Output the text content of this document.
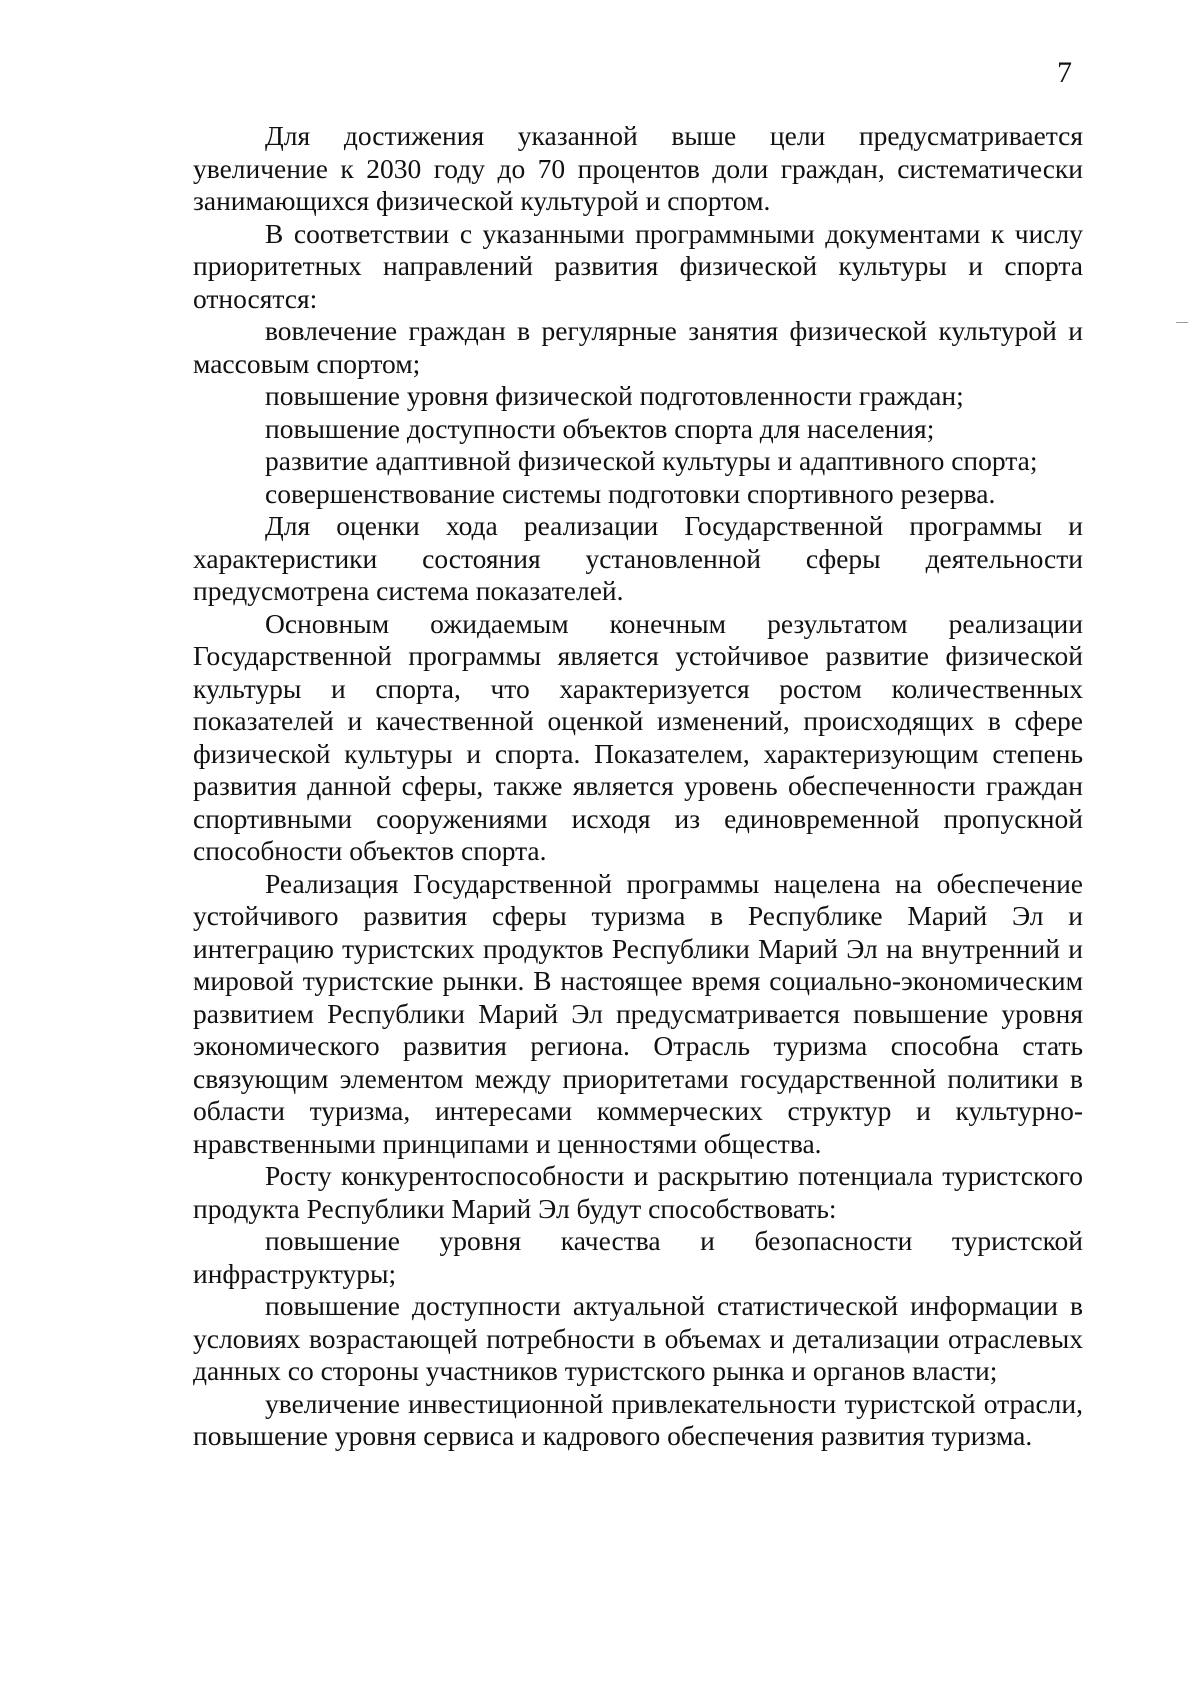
7

Для достижения указанной выше цели предусматривается увеличение к 2030 году до 70 процентов доли граждан, систематически занимающихся физической культурой и спортом.

В соответствии с указанными программными документами к числу приоритетных направлений развития физической культуры и спорта относятся:

вовлечение граждан в регулярные занятия физической культурой и массовым спортом;

повышение уровня физической подготовленности граждан;

повышение доступности объектов спорта для населения;

развитие адаптивной физической культуры и адаптивного спорта;

совершенствование системы подготовки спортивного резерва.

Для оценки хода реализации Государственной программы и характеристики состояния установленной сферы деятельности предусмотрена система показателей.

Основным ожидаемым конечным результатом реализации Государственной программы является устойчивое развитие физической культуры и спорта, что характеризуется ростом количественных показателей и качественной оценкой изменений, происходящих в сфере физической культуры и спорта. Показателем, характеризующим степень развития данной сферы, также является уровень обеспеченности граждан спортивными сооружениями исходя из единовременной пропускной способности объектов спорта.

Реализация Государственной программы нацелена на обеспечение устойчивого развития сферы туризма в Республике Марий Эл и интеграцию туристских продуктов Республики Марий Эл на внутренний и мировой туристские рынки. В настоящее время социально-экономическим развитием Республики Марий Эл предусматривается повышение уровня экономического развития региона. Отрасль туризма способна стать связующим элементом между приоритетами государственной политики в области туризма, интересами коммерческих структур и культурно-нравственными принципами и ценностями общества.

Росту конкурентоспособности и раскрытию потенциала туристского продукта Республики Марий Эл будут способствовать:

повышение уровня качества и безопасности туристской инфраструктуры;

повышение доступности актуальной статистической информации в условиях возрастающей потребности в объемах и детализации отраслевых данных со стороны участников туристского рынка и органов власти;

увеличение инвестиционной привлекательности туристской отрасли, повышение уровня сервиса и кадрового обеспечения развития туризма.
